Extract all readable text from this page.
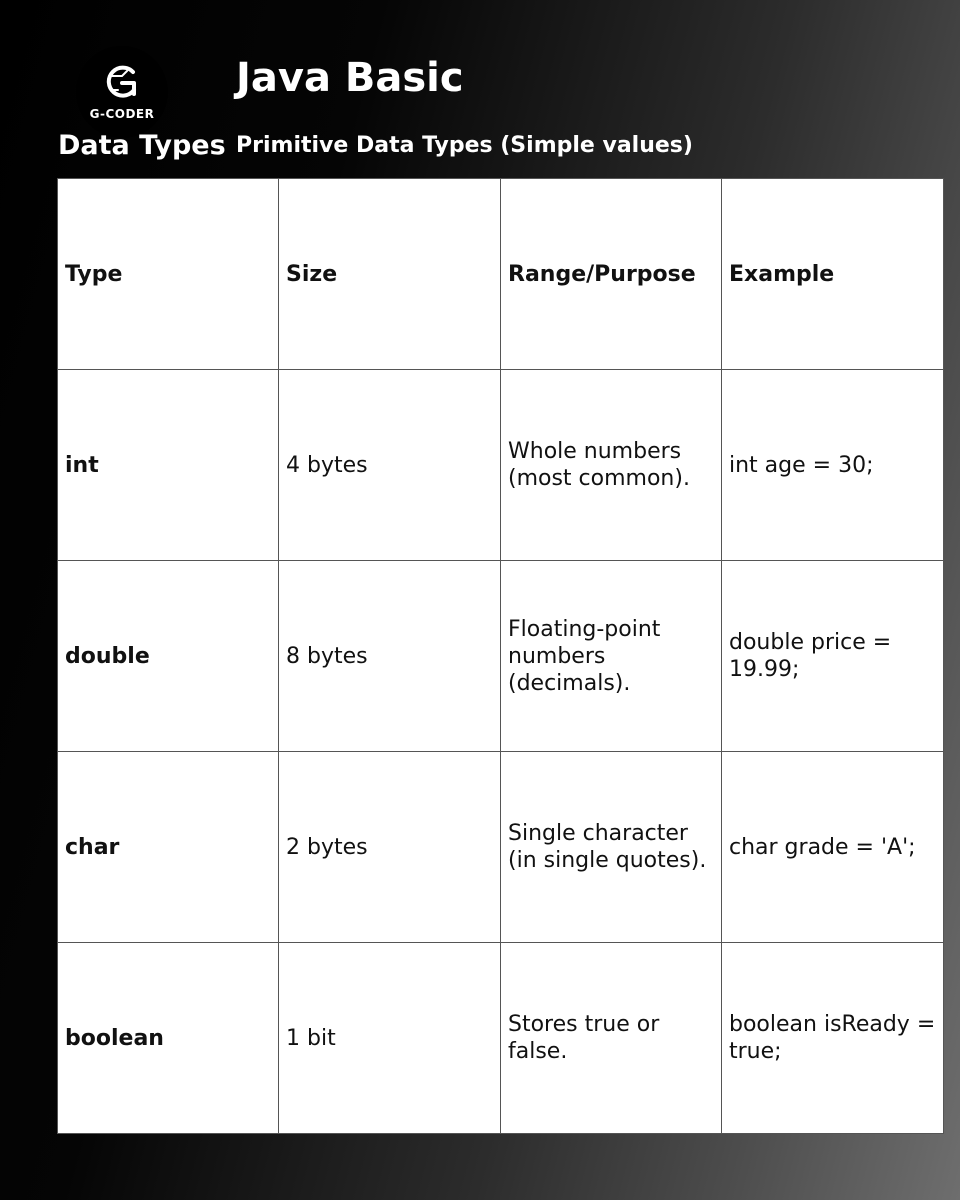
G-CODER
Java Basic
Data Types Primitive Data Types (Simple values)
Type	Size	Range/Purpose	Example
int	4 bytes	Whole numbers (most common).	int age = 30;
double	8 bytes	Floating-point numbers (decimals).	double price = 19.99;
char	2 bytes	Single character (in single quotes).	char grade = 'A';
boolean	1 bit	Stores true or false.	boolean isReady = true;
